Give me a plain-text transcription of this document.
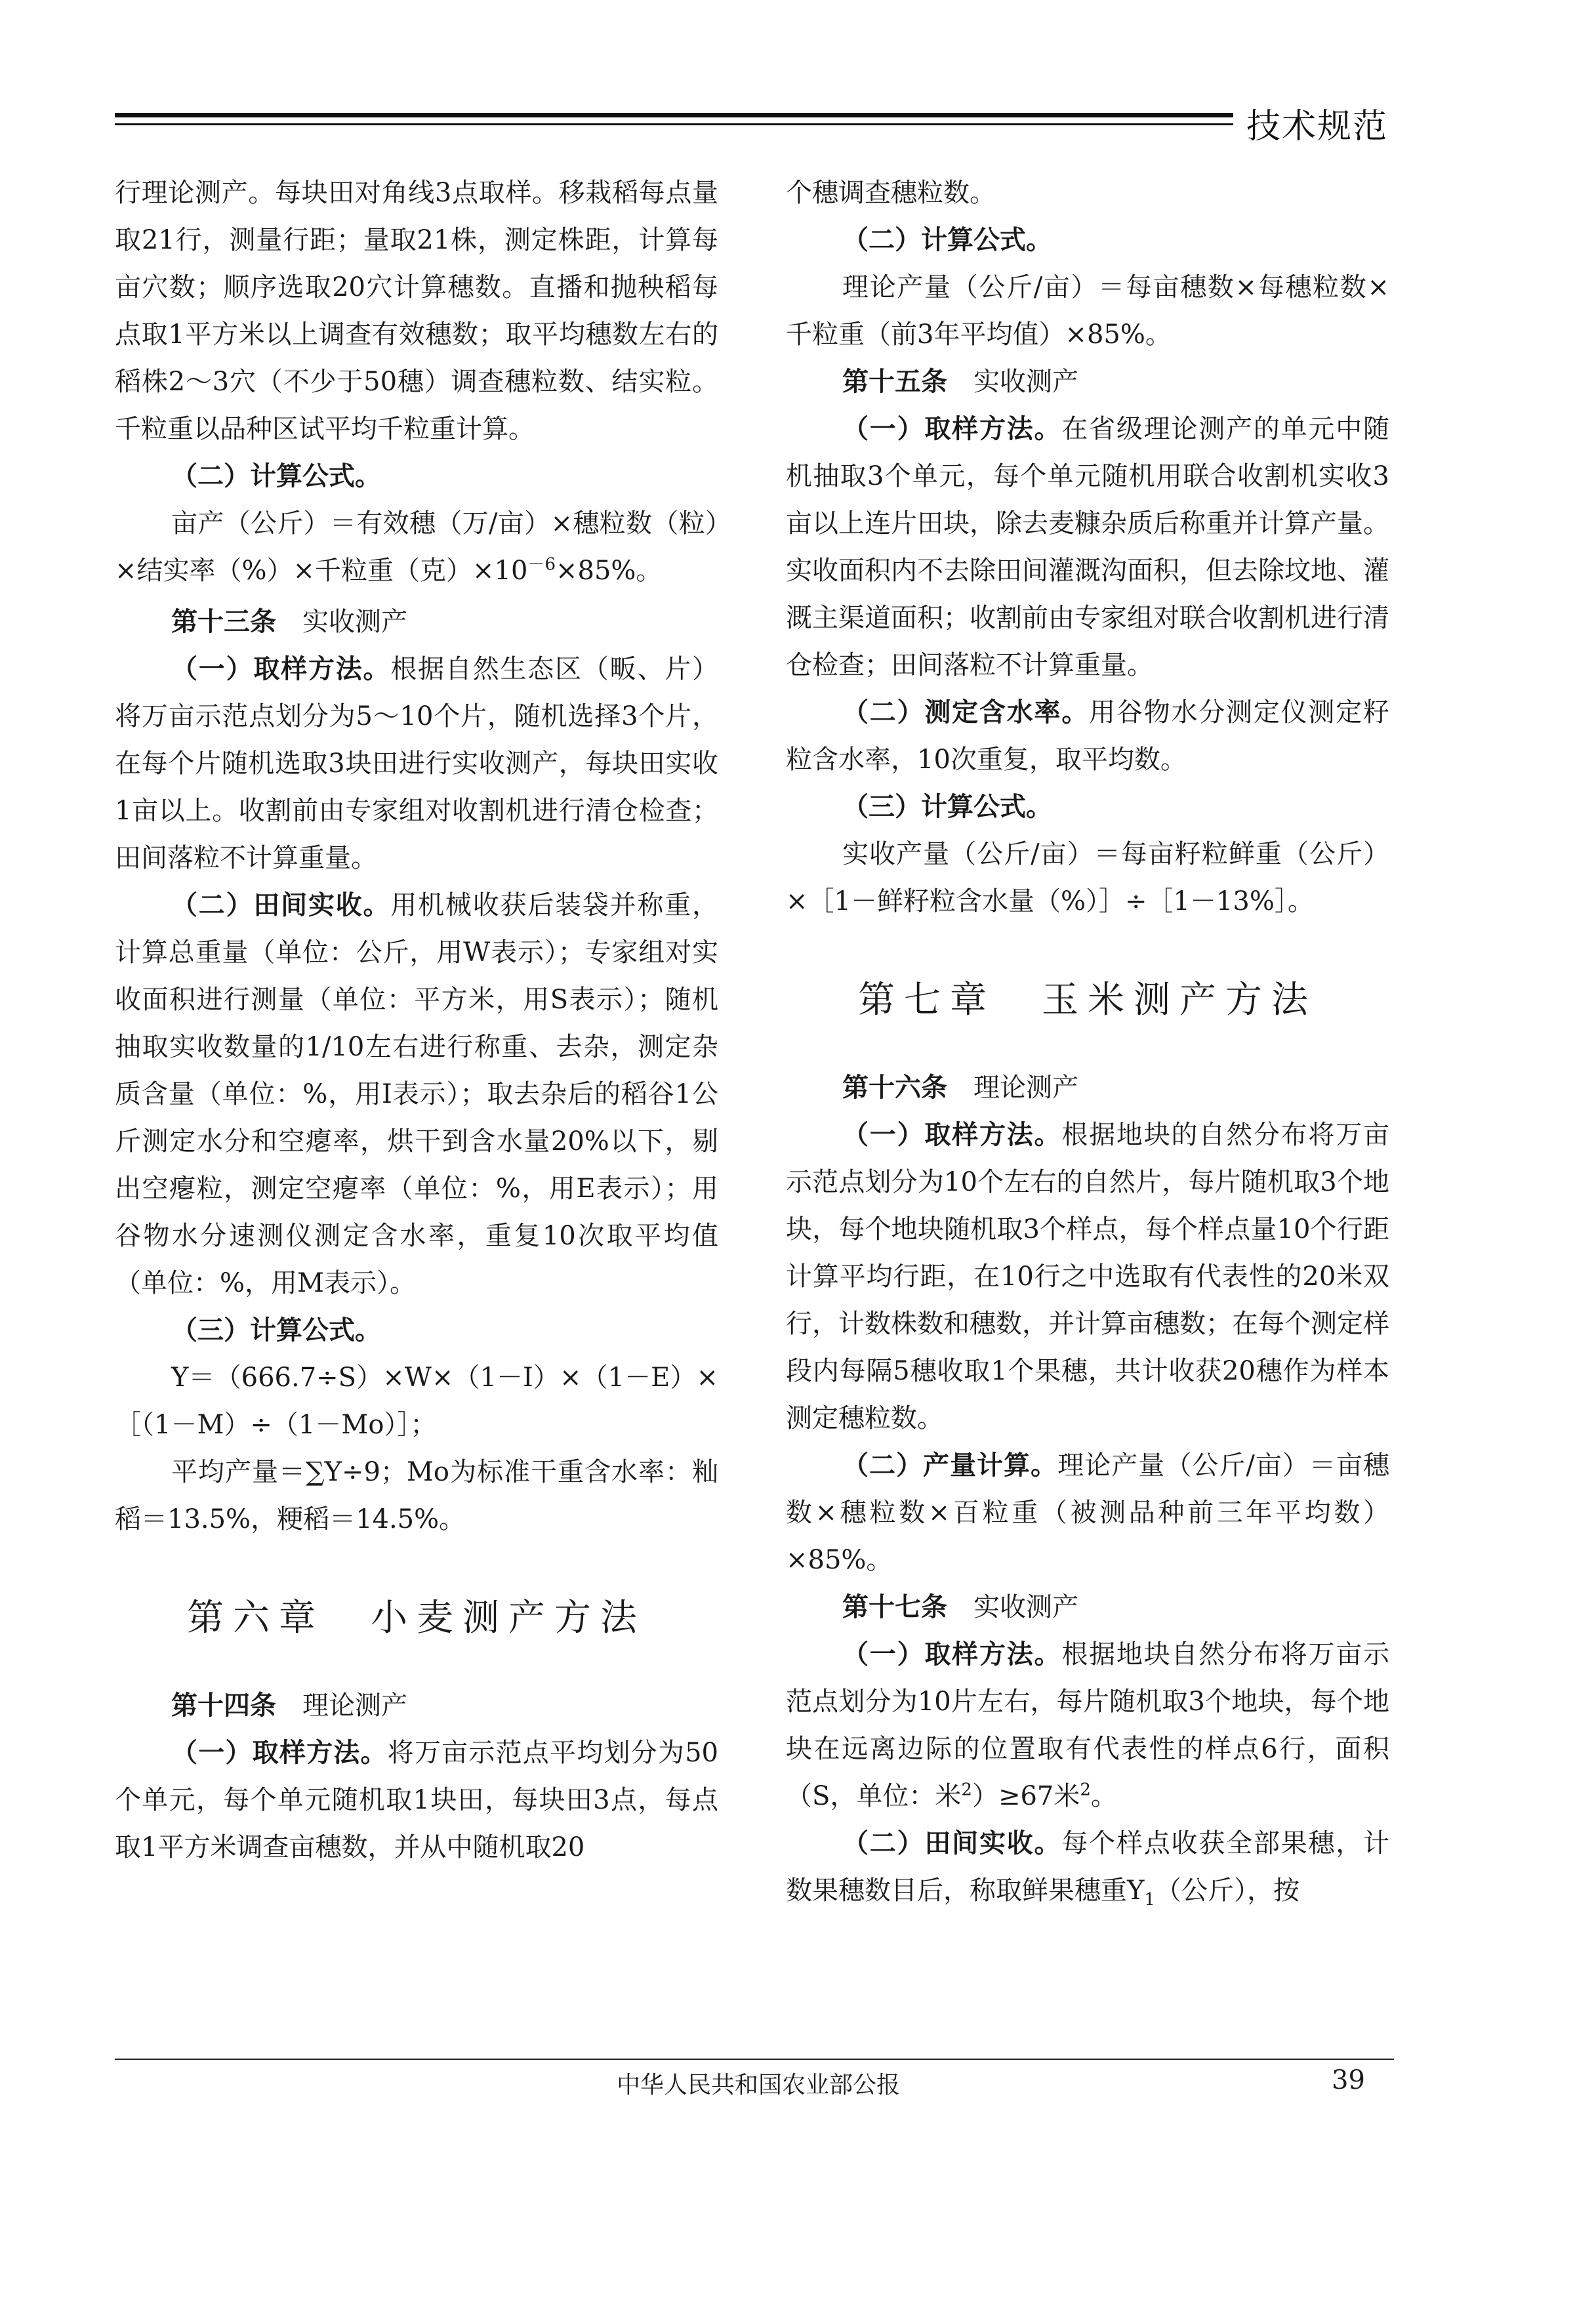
技术规范

行理论测产。每块田对角线3点取样。移栽稻每点量取21行，测量行距；量取21株，测定株距，计算每亩穴数；顺序选取20穴计算穗数。直播和抛秧稻每点取1平方米以上调查有效穗数；取平均穗数左右的稻株2～3穴（不少于50穗）调查穗粒数、结实粒。千粒重以品种区试平均千粒重计算。

（二）计算公式。

亩产（公斤）＝有效穗（万/亩）×穗粒数（粒）×结实率（%）×千粒重（克）$\times 10^{-6}\times 85\%$。

第十三条 实收测产

（一）取样方法。根据自然生态区（畈、片）将万亩示范点划分为5～10个片，随机选择3个片，在每个片随机选取3块田进行实收测产，每块田实收1亩以上。收割前由专家组对收割机进行清仓检查；田间落粒不计算重量。

（二）田间实收。用机械收获后装袋并称重，计算总重量（单位：公斤，用W表示）；专家组对实收面积进行测量（单位：平方米，用S表示）；随机抽取实收数量的1/10左右进行称重、去杂，测定杂质含量（单位：%，用I表示）；取去杂后的稻谷1公斤测定水分和空瘪率，烘干到含水量20%以下，剔出空瘪粒，测定空瘪率（单位：%，用E表示）；用谷物水分速测仪测定含水率，重复10次取平均值（单位：%，用M表示）。

（三）计算公式。

Y＝（666.7÷S）×W×（1－I）×（1－E）×［（1－M）÷（1－Mo）］；

平均产量＝∑Y÷9；Mo为标准干重含水率：籼稻＝13.5%，粳稻＝14.5%。

第六章 小麦测产方法

第十四条 理论测产

（一）取样方法。将万亩示范点平均划分为50个单元，每个单元随机取1块田，每块田3点，每点取1平方米调查亩穗数，并从中随机取20

个穗调查穗粒数。

（二）计算公式。

理论产量（公斤/亩）＝每亩穗数×每穗粒数×千粒重（前3年平均值）×85%。

第十五条 实收测产

（一）取样方法。在省级理论测产的单元中随机抽取3个单元，每个单元随机用联合收割机实收3亩以上连片田块，除去麦糠杂质后称重并计算产量。实收面积内不去除田间灌溉沟面积，但去除坟地、灌溉主渠道面积；收割前由专家组对联合收割机进行清仓检查；田间落粒不计算重量。

（二）测定含水率。用谷物水分测定仪测定籽粒含水率，10次重复，取平均数。

（三）计算公式。

实收产量（公斤/亩）＝每亩籽粒鲜重（公斤）×［1－鲜籽粒含水量（%）］÷［1－13%］。

第七章 玉米测产方法

第十六条 理论测产

（一）取样方法。根据地块的自然分布将万亩示范点划分为10个左右的自然片，每片随机取3个地块，每个地块随机取3个样点，每个样点量10个行距计算平均行距，在10行之中选取有代表性的20米双行，计数株数和穗数，并计算亩穗数；在每个测定样段内每隔5穗收取1个果穗，共计收获20穗作为样本测定穗粒数。

（二）产量计算。理论产量（公斤/亩）＝亩穗数×穗粒数×百粒重（被测品种前三年平均数）×85%。

第十七条 实收测产

（一）取样方法。根据地块自然分布将万亩示范点划分为10片左右，每片随机取3个地块，每个地块在远离边际的位置取有代表性的样点6行，面积（S，单位：米$^2$）≥67米$^2$。

（二）田间实收。每个样点收获全部果穗，计数果穗数目后，称取鲜果穗重$Y_1$（公斤），按

中华人民共和国农业部公报	39
